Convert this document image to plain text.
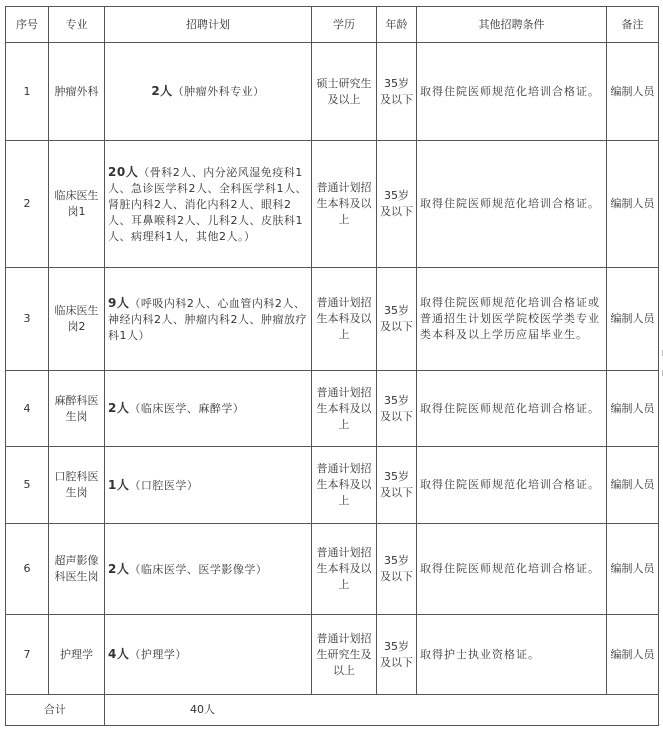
序号	专业	招聘计划	学历	年龄	其他招聘条件	备注
1	肿瘤外科	2人（肿瘤外科专业）	硕士研究生及以上	35岁及以下	取得住院医师规范化培训合格证。	编制人员
2	临床医生岗1	20人（骨科2人、内分泌风湿免疫科1人、急诊医学科2人、全科医学科1人、肾脏内科2人、消化内科2人、眼科2人、耳鼻喉科2人、儿科2人、皮肤科1人、病理科1人，其他2人。）	普通计划招生本科及以上	35岁及以下	取得住院医师规范化培训合格证。	编制人员
3	临床医生岗2	9人（呼吸内科2人、心血管内科2人、神经内科2人、肿瘤内科2人、肿瘤放疗科1人）	普通计划招生本科及以上	35岁及以下	取得住院医师规范化培训合格证或普通招生计划医学院校医学类专业类本科及以上学历应届毕业生。	编制人员
4	麻醉科医生岗	2人（临床医学、麻醉学）	普通计划招生本科及以上	35岁及以下	取得住院医师规范化培训合格证。	编制人员
5	口腔科医生岗	1人（口腔医学）	普通计划招生本科及以上	35岁及以下	取得住院医师规范化培训合格证。	编制人员
6	超声影像科医生岗	2人（临床医学、医学影像学）	普通计划招生本科及以上	35岁及以下	取得住院医师规范化培训合格证。	编制人员
7	护理学	4人（护理学）	普通计划招生研究生及以上	35岁及以下	取得护士执业资格证。	编制人员
合计		40人				
